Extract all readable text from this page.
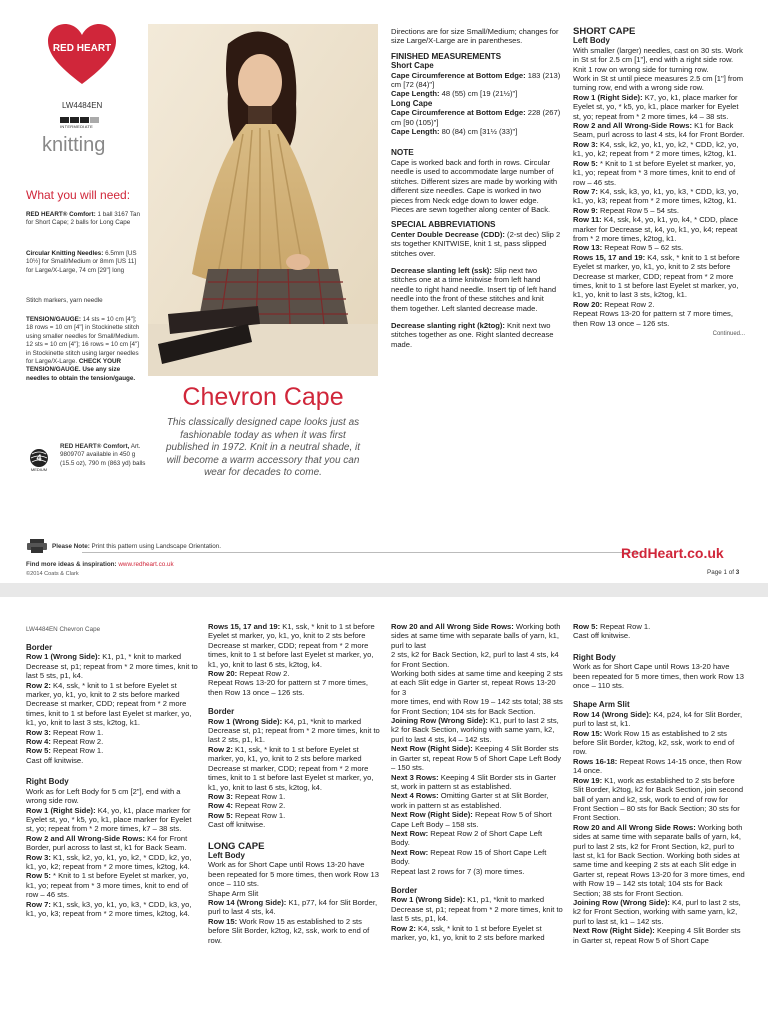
RED HEART
LW4484EN
INTERMEDIATE
knitting
What you will need:
RED HEART® Comfort: 1 ball 3167 Tan for Short Cape; 2 balls for Long Cape
Circular Knitting Needles: 6.5mm [US 10½] for Small/Medium or 8mm [US 11] for Large/X-Large, 74 cm [29"] long
Stitch markers, yarn needle
TENSION/GAUGE: 14 sts = 10 cm [4"]; 18 rows = 10 cm [4"] in Stockinette stitch using smaller needles for Small/Medium. 12 sts = 10 cm [4"]; 16 rows = 10 cm [4"] in Stockinette stitch using larger needles for Large/X-Large. CHECK YOUR TENSION/GAUGE. Use any size needles to obtain the tension/gauge.
4
MEDIUM
RED HEART® Comfort, Art. 9809707 available in 450 g (15.5 oz), 790 m (863 yd) balls
Chevron Cape
This classically designed cape looks just as fashionable today as when it was first published in 1972. Knit in a neutral shade, it will become a warm accessory that you can wear for decades to come.

Directions are for size Small/Medium; changes for size Large/X-Large are in parentheses.

FINISHED MEASUREMENTS
Short Cape
Cape Circumference at Bottom Edge: 183 (213) cm [72 (84)"]
Cape Length: 48 (55) cm [19 (21½)"]
Long Cape
Cape Circumference at Bottom Edge: 228 (267) cm [90 (105)"]
Cape Length: 80 (84) cm [31½ (33)"]
NOTE

Cape is worked back and forth in rows. Circular needle is used to accommodate large number of stitches. Different sizes are made by working with different size needles. Cape is worked in two pieces from Neck edge down to lower edge. Pieces are sewn together along center of Back.

SPECIAL ABBREVIATIONS

Center Double Decrease (CDD): (2-st dec) Slip 2 sts together KNITWISE, knit 1 st, pass slipped stitches over.

Decrease slanting left (ssk): Slip next two stitches one at a time knitwise from left hand needle to right hand needle. Insert tip of left hand needle into the front of these stitches and knit them together. Left slanted decrease made.

Decrease slanting right (k2tog): Knit next two stitches together as one. Right slanted decrease made.

SHORT CAPE
Left Body
With smaller (larger) needles, cast on 30 sts. Work in St st for 2.5 cm [1"], end with a right side row.
Knit 1 row on wrong side for turning row.
Work in St st until piece measures 2.5 cm [1"] from turning row, end with a wrong side row.
Row 1 (Right Side): K7, yo, k1, place marker for Eyelet st, yo, * k5, yo, k1, place marker for Eyelet st, yo; repeat from * 2 more times, k4 – 38 sts.
Row 2 and All Wrong-Side Rows: K1 for Back Seam, purl across to last 4 sts, k4 for Front Border.
Row 3: K4, ssk, k2, yo, k1, yo, k2, * CDD, k2, yo, k1, yo, k2; repeat from * 2 more times, k2tog, k1.
Row 5: * Knit to 1 st before Eyelet st marker, yo, k1, yo; repeat from * 3 more times, knit to end of row – 46 sts.
Row 7: K4, ssk, k3, yo, k1, yo, k3, * CDD, k3, yo, k1, yo, k3; repeat from * 2 more times, k2tog, k1.
Row 9: Repeat Row 5 – 54 sts.
Row 11: K4, ssk, k4, yo, k1, yo, k4, * CDD, place marker for Decrease st, k4, yo, k1, yo, k4; repeat from * 2 more times, k2tog, k1.
Row 13: Repeat Row 5 – 62 sts.
Rows 15, 17 and 19: K4, ssk, * knit to 1 st before Eyelet st marker, yo, k1, yo, knit to 2 sts before Decrease st marker, CDD; repeat from * 2 more times, knit to 1 st before last Eyelet st marker, yo, k1, yo, knit to last 3 sts, k2tog, k1.
Row 20: Repeat Row 2.
Repeat Rows 13-20 for pattern st 7 more times, then Row 13 once – 126 sts.
Continued...
Please Note: Print this pattern using Landscape Orientation.	RedHeart.co.uk
Find more ideas & inspiration: www.redheart.co.uk
©2014 Coats & Clark	Page 1 of 3
LW4484EN Chevron Cape
Border
Row 1 (Wrong Side): K1, p1, * knit to marked Decrease st, p1; repeat from * 2 more times, knit to last 5 sts, p1, k4.
Row 2: K4, ssk, * knit to 1 st before Eyelet st marker, yo, k1, yo, knit to 2 sts before marked Decrease st marker, CDD; repeat from * 2 more times, knit to 1 st before last Eyelet st marker, yo, k1, yo, knit to last 3 sts, k2tog, k1.
Row 3: Repeat Row 1.
Row 4: Repeat Row 2.
Row 5: Repeat Row 1.
Cast off knitwise.
Right Body
Work as for Left Body for 5 cm [2"], end with a wrong side row.
Row 1 (Right Side): K4, yo, k1, place marker for Eyelet st, yo, * k5, yo, k1, place marker for Eyelet st, yo; repeat from * 2 more times, k7 – 38 sts.
Row 2 and All Wrong-Side Rows: K4 for Front Border, purl across to last st, k1 for Back Seam.
Row 3: K1, ssk, k2, yo, k1, yo, k2, * CDD, k2, yo, k1, yo, k2; repeat from * 2 more times, k2tog, k4.
Row 5: * Knit to 1 st before Eyelet st marker, yo, k1, yo; repeat from * 3 more times, knit to end of row – 46 sts.
Row 7: K1, ssk, k3, yo, k1, yo, k3, * CDD, k3, yo, k1, yo, k3; repeat from * 2 more times, k2tog, k4.
Rows 15, 17 and 19: K1, ssk, * knit to 1 st before Eyelet st marker, yo, k1, yo, knit to 2 sts before Decrease st marker, CDD; repeat from * 2 more times, knit to 1 st before last Eyelet st marker, yo, k1, yo, knit to last 6 sts, k2tog, k4.
Row 20: Repeat Row 2.
Repeat Rows 13-20 for pattern st 7 more times, then Row 13 once – 126 sts.
Border
Row 1 (Wrong Side): K4, p1, *knit to marked Decrease st, p1; repeat from * 2 more times, knit to last 2 sts, p1, k1.
Row 2: K1, ssk, * knit to 1 st before Eyelet st marker, yo, k1, yo, knit to 2 sts before marked Decrease st marker, CDD; repeat from * 2 more times, knit to 1 st before last Eyelet st marker, yo, k1, yo, knit to last 6 sts, k2tog, k4.
Row 3: Repeat Row 1.
Row 4: Repeat Row 2.
Row 5: Repeat Row 1.
Cast off knitwise.
LONG CAPE
Left Body
Work as for Short Cape until Rows 13-20 have been repeated for 5 more times, then work Row 13 once – 110 sts.
Shape Arm Slit
Row 14 (Wrong Side): K1, p77, k4 for Slit Border, purl to last 4 sts, k4.
Row 15: Work Row 15 as established to 2 sts before Slit Border, k2tog, k2, ssk, work to end of row.
Row 20 and All Wrong Side Rows: Working both sides at same time with separate balls of yarn, k1, purl to last
2 sts, k2 for Back Section, k2, purl to last 4 sts, k4 for Front Section.
Working both sides at same time and keeping 2 sts at each Slit edge in Garter st, repeat Rows 13-20 for 3
more times, end with Row 19 – 142 sts total; 38 sts for Front Section; 104 sts for Back Section.
Joining Row (Wrong Side): K1, purl to last 2 sts, k2 for Back Section, working with same yarn, k2, purl to last 4 sts, k4 – 142 sts.
Next Row (Right Side): Keeping 4 Slit Border sts in Garter st, repeat Row 5 of Short Cape Left Body – 150 sts.
Next 3 Rows: Keeping 4 Slit Border sts in Garter st, work in pattern st as established.
Next 4 Rows: Omitting Garter st at Slit Border, work in pattern st as established.
Next Row (Right Side): Repeat Row 5 of Short Cape Left Body – 158 sts.
Next Row: Repeat Row 2 of Short Cape Left Body.
Next Row: Repeat Row 15 of Short Cape Left Body.
Repeat last 2 rows for 7 (3) more times.
Border
Row 1 (Wrong Side): K1, p1, *knit to marked Decrease st, p1; repeat from * 2 more times, knit to last 5 sts, p1, k4.
Row 2: K4, ssk, * knit to 1 st before Eyelet st marker, yo, k1, yo, knit to 2 sts before marked
Row 5: Repeat Row 1.
Cast off knitwise.
Right Body
Work as for Short Cape until Rows 13-20 have been repeated for 5 more times, then work Row 13 once – 110 sts.
Shape Arm Slit
Row 14 (Wrong Side): K4, p24, k4 for Slit Border, purl to last st, k1.
Row 15: Work Row 15 as established to 2 sts before Slit Border, k2tog, k2, ssk, work to end of row.
Rows 16-18: Repeat Rows 14-15 once, then Row 14 once.
Row 19: K1, work as established to 2 sts before Slit Border, k2tog, k2 for Back Section, join second ball of yarn and k2, ssk, work to end of row for Front Section – 80 sts for Back Section; 30 sts for Front Section.
Row 20 and All Wrong Side Rows: Working both sides at same time with separate balls of yarn, k4, purl to last 2 sts, k2 for Front Section, k2, purl to last st, k1 for Back Section. Working both sides at same time and keeping 2 sts at each Slit edge in Garter st, repeat Rows 13-20 for 3 more times, end with Row 19 – 142 sts total; 104 sts for Back Section; 38 sts for Front Section.
Joining Row (Wrong Side): K4, purl to last 2 sts, k2 for Front Section, working with same yarn, k2, purl to last st, k1 – 142 sts.
Next Row (Right Side): Keeping 4 Slit Border sts in Garter st, repeat Row 5 of Short Cape
